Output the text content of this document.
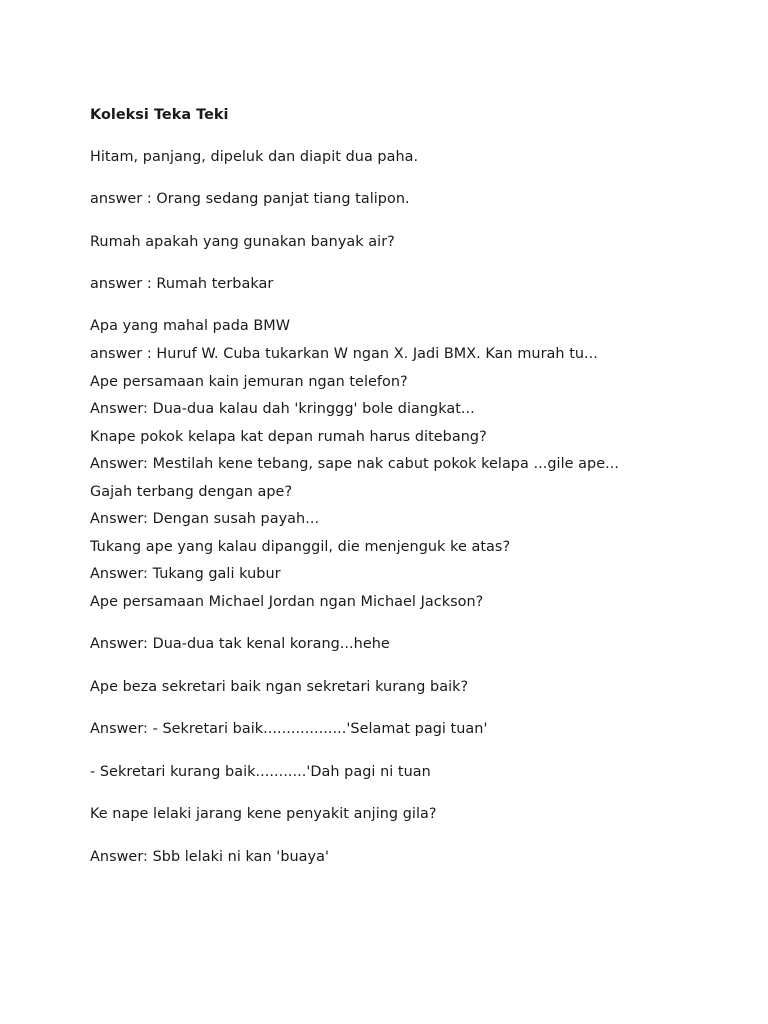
Koleksi Teka Teki
Hitam, panjang, dipeluk dan diapit dua paha.
answer : Orang sedang panjat tiang talipon.
Rumah apakah yang gunakan banyak air?
answer : Rumah terbakar
Apa yang mahal pada BMW
answer : Huruf W. Cuba tukarkan W ngan X. Jadi BMX. Kan murah tu...
Ape persamaan kain jemuran ngan telefon?
Answer: Dua-dua kalau dah 'kringgg' bole diangkat...
Knape pokok kelapa kat depan rumah harus ditebang?
Answer: Mestilah kene tebang, sape nak cabut pokok kelapa ...gile ape...
Gajah terbang dengan ape?
Answer: Dengan susah payah...
Tukang ape yang kalau dipanggil, die menjenguk ke atas?
Answer: Tukang gali kubur
Ape persamaan Michael Jordan ngan Michael Jackson?
Answer: Dua-dua tak kenal korang...hehe
Ape beza sekretari baik ngan sekretari kurang baik?
Answer: - Sekretari baik..................'Selamat pagi tuan'
- Sekretari kurang baik...........'Dah pagi ni tuan
Ke nape lelaki jarang kene penyakit anjing gila?
Answer: Sbb lelaki ni kan 'buaya'
